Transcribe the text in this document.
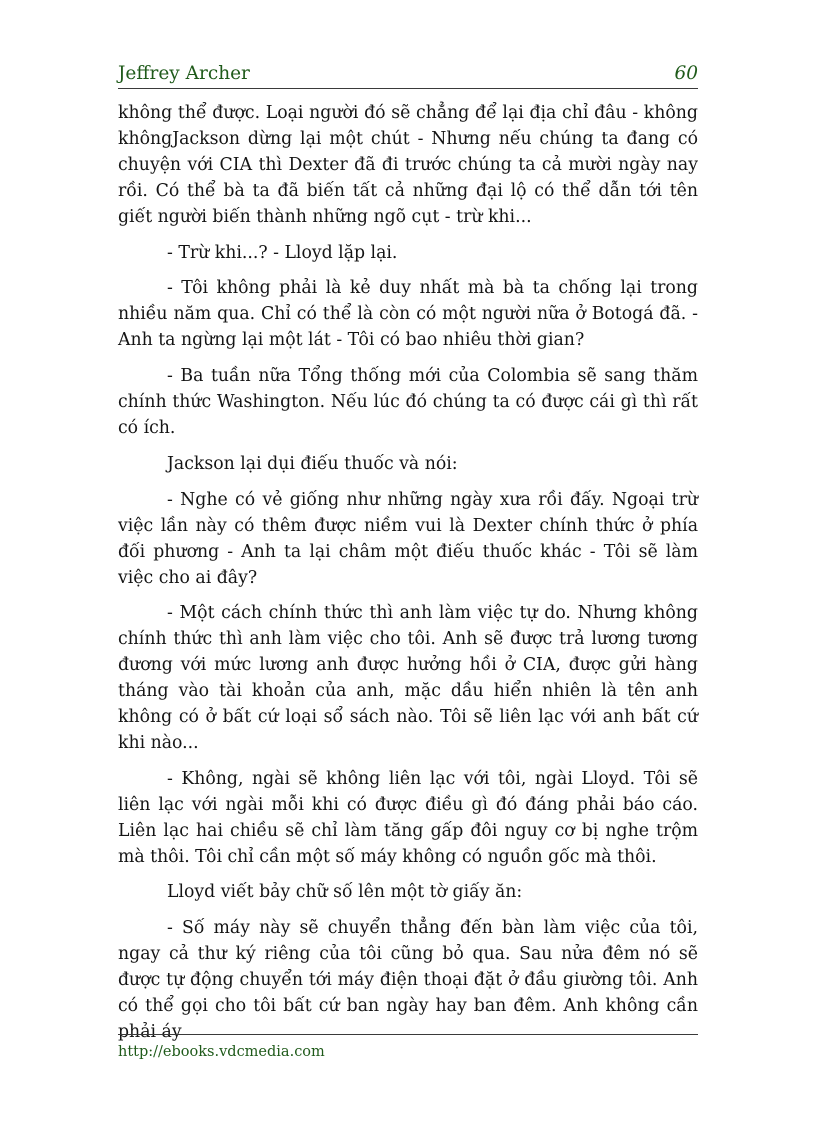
Jeffrey Archer	60

không thể được. Loại người đó sẽ chẳng để lại địa chỉ đâu - không khôngJackson dừng lại một chút - Nhưng nếu chúng ta đang có chuyện với CIA thì Dexter đã đi trước chúng ta cả mười ngày nay rồi. Có thể bà ta đã biến tất cả những đại lộ có thể dẫn tới tên giết người biến thành những ngõ cụt - trừ khi...

- Trừ khi...? - Lloyd lặp lại.

- Tôi không phải là kẻ duy nhất mà bà ta chống lại trong nhiều năm qua. Chỉ có thể là còn có một người nữa ở Botogá đã. - Anh ta ngừng lại một lát - Tôi có bao nhiêu thời gian?

- Ba tuần nữa Tổng thống mới của Colombia sẽ sang thăm chính thức Washington. Nếu lúc đó chúng ta có được cái gì thì rất có ích.

Jackson lại dụi điếu thuốc và nói:

- Nghe có vẻ giống như những ngày xưa rồi đấy. Ngoại trừ việc lần này có thêm được niềm vui là Dexter chính thức ở phía đối phương - Anh ta lại châm một điếu thuốc khác - Tôi sẽ làm việc cho ai đây?

- Một cách chính thức thì anh làm việc tự do. Nhưng không chính thức thì anh làm việc cho tôi. Anh sẽ được trả lương tương đương với mức lương anh được hưởng hồi ở CIA, được gửi hàng tháng vào tài khoản của anh, mặc dầu hiển nhiên là tên anh không có ở bất cứ loại sổ sách nào. Tôi sẽ liên lạc với anh bất cứ khi nào...

- Không, ngài sẽ không liên lạc với tôi, ngài Lloyd. Tôi sẽ liên lạc với ngài mỗi khi có được điều gì đó đáng phải báo cáo. Liên lạc hai chiều sẽ chỉ làm tăng gấp đôi nguy cơ bị nghe trộm mà thôi. Tôi chỉ cần một số máy không có nguồn gốc mà thôi.

Lloyd viết bảy chữ số lên một tờ giấy ăn:

- Số máy này sẽ chuyển thẳng đến bàn làm việc của tôi, ngay cả thư ký riêng của tôi cũng bỏ qua. Sau nửa đêm nó sẽ được tự động chuyển tới máy điện thoại đặt ở đầu giường tôi. Anh có thể gọi cho tôi bất cứ ban ngày hay ban đêm. Anh không cần phải áy

http://ebooks.vdcmedia.com
